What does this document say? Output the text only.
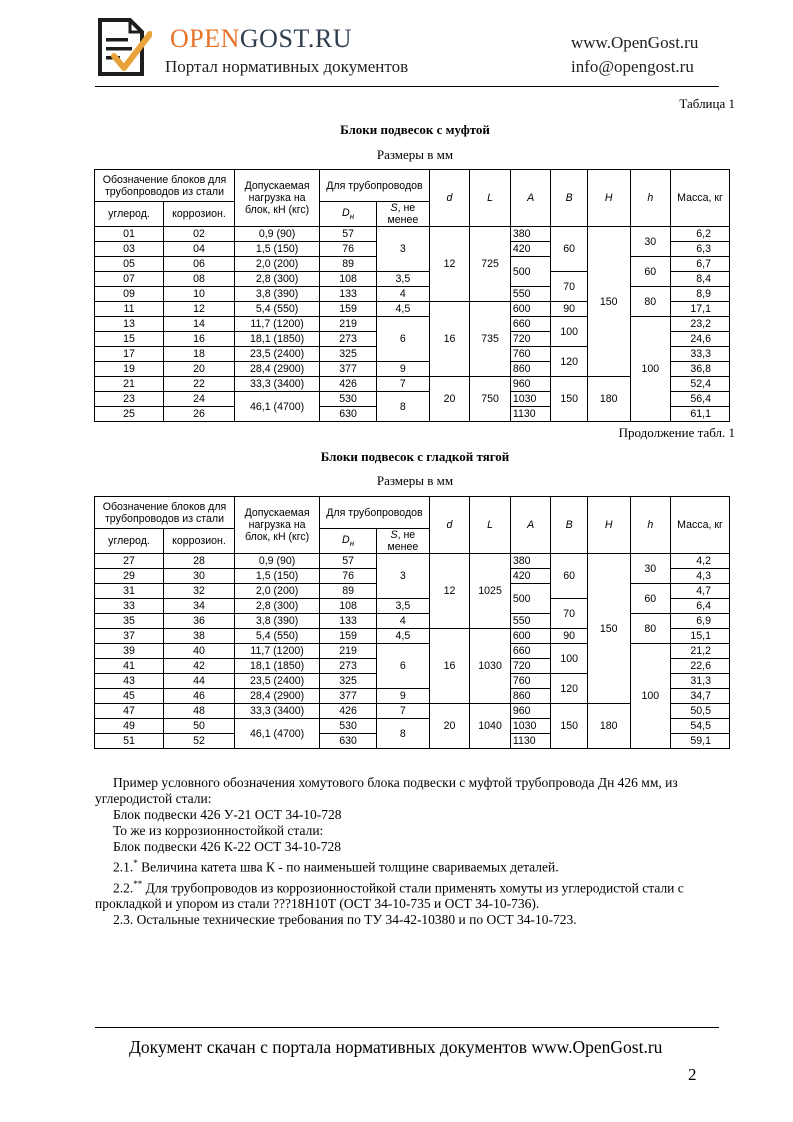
OPENGOST.RU
Портал нормативных документов
www.OpenGost.ru
info@opengost.ru
Таблица 1
Блоки подвесок с муфтой
Размеры в мм
Обозначение блоков для трубопроводов из стали		Допускаемая нагрузка на блок, кН (кгс)	Для трубопроводов		d	L	A	B	H	h	Масса, кг
углерод.	коррозион.		$D_н$	S, не менее							
01	02	0,9 (90)	57	3	12	725	380	60	150	30	6,2
03	04	1,5 (150)	76				420				6,3
05	06	2,0 (200)	89				500			60	6,7
07	08	2,8 (300)	108	3,5				70			8,4
09	10	3,8 (390)	133	4			550			80	8,9
11	12	5,4 (550)	159	4,5	16	735	600	90			17,1
13	14	11,7 (1200)	219	6			660	100		100	23,2
15	16	18,1 (1850)	273				720				24,6
17	18	23,5 (2400)	325				760	120			33,3
19	20	28,4 (2900)	377	9			860				36,8
21	22	33,3 (3400)	426	7	20	750	960	150	180		52,4
23	24	46,1 (4700)	530	8			1030				56,4
25	26		630				1130				61,1
Продолжение табл. 1
Блоки подвесок с гладкой тягой
Размеры в мм
Обозначение блоков для трубопроводов из стали		Допускаемая нагрузка на блок, кН (кгс)	Для трубопроводов		d	L	A	B	H	h	Масса, кг
углерод.	коррозион.		$D_н$	S, не менее							
27	28	0,9 (90)	57	3	12	1025	380	60	150	30	4,2
29	30	1,5 (150)	76				420				4,3
31	32	2,0 (200)	89				500			60	4,7
33	34	2,8 (300)	108	3,5				70			6,4
35	36	3,8 (390)	133	4			550			80	6,9
37	38	5,4 (550)	159	4,5	16	1030	600	90			15,1
39	40	11,7 (1200)	219	6			660	100		100	21,2
41	42	18,1 (1850)	273				720				22,6
43	44	23,5 (2400)	325				760	120			31,3
45	46	28,4 (2900)	377	9			860				34,7
47	48	33,3 (3400)	426	7	20	1040	960	150	180		50,5
49	50	46,1 (4700)	530	8			1030				54,5
51	52		630				1130				59,1

Пример условного обозначения хомутового блока подвески с муфтой трубопровода Дн 426 мм, из углеродистой стали:

Блок подвески 426 У-21 ОСТ 34-10-728

То же из коррозионностойкой стали:

Блок подвески 426 К-22 ОСТ 34-10-728

2.1.* Величина катета шва К - по наименьшей толщине свариваемых деталей.

2.2.** Для трубопроводов из коррозионностойкой стали применять хомуты из углеродистой стали с прокладкой и упором из стали ???18Н10Т (ОСТ 34-10-735 и ОСТ 34-10-736).

2.3. Остальные технические требования по ТУ 34-42-10380 и по ОСТ 34-10-723.

Документ скачан с портала нормативных документов www.OpenGost.ru
2
